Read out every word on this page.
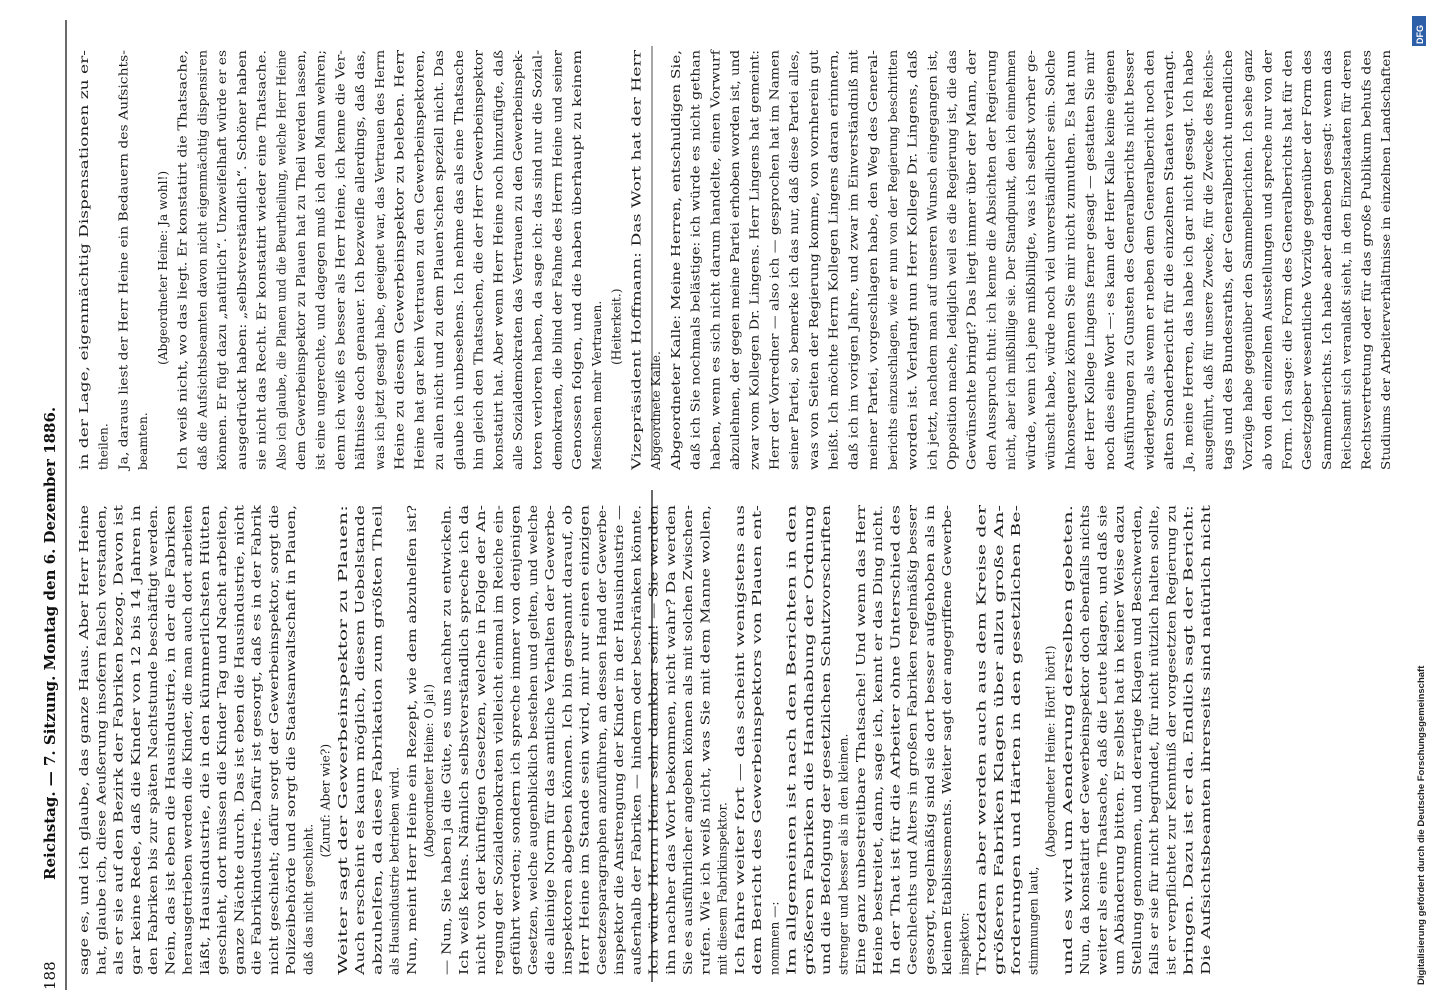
188
Reichstag. — 7. Sitzung. Montag den 6. Dezember 1886. sage es, und ich glaube, das ganze Haus. Aber Herr Heine hat, glaube ich, diese Aeußerung insofern falsch verstanden, als er sie auf den Bezirk der Fabriken bezog. Davon ist gar keine Rede, daß die Kinder von 12 bis 14 Jahren in den Fabriken bis zur späten Nachtstunde beschäftigt werden. Nein, das ist eben die Hausindustrie, in der die Fabriken herausgetrieben werden die Kinder, die man auch dort arbeiten läßt, Hausindustrie, die in den kümmerlichsten Hütten geschieht, dort müssen die Kinder Tag und Nacht arbeiten, ganze Nächte durch. Das ist eben die Hausindustrie, nicht die Fabrikindustrie. Dafür ist gesorgt, daß es in der Fabrik nicht geschieht; dafür sorgt der Gewerbeinspektor, sorgt die Polizeibehörde und sorgt die Staatsanwaltschaft in Plauen, daß das nicht geschieht.
(Zuruf: Aber wie?) Weiter sagt der Gewerbeinspektor zu Plauen: Auch erscheint es kaum möglich, diesem Uebelstande abzuhelfen, da diese Fabrikation zum größten Theil als Hausindustrie betrieben wird. Nun, meint Herr Heine ein Rezept, wie dem abzuhelfen ist? (Abgeordneter Heine: O ja!) — Nun, Sie haben ja die Güte, es uns nachher zu entwickeln. Ich weiß keins. Nämlich selbstverständlich spreche ich da nicht von der künftigen Gesetzen, welche in Folge der An- regung der Sozialdemokraten vielleicht einmal im Reiche ein- geführt werden; sondern ich spreche immer von denjenigen Gesetzen, welche augenblicklich bestehen und gelten, und welche die alleinige Norm für das amtliche Verhalten der Gewerbe- inspektoren abgeben können. Ich bin gespannt darauf, ob Herr Heine im Stande sein wird, mir nur einen einzigen Gesetzesparagraphen anzuführen, an dessen Hand der Gewerbe- inspektor die Anstrengung der Kinder in der Hausindustrie — außerhalb der Fabriken — hindern oder beschränken könnte. Ich würde Herrn Heine sehr dankbar sein! — Sie werden ihn nachher das Wort bekommen, nicht wahr? Da werden Sie es ausführlicher angeben können als mit solchen Zwischen- rufen. Wie ich weiß nicht, was Sie mit dem Manne wollen, mit diesem Fabrikinspektor. Ich fahre weiter fort — das scheint wenigstens aus dem Bericht des Gewerbeinspektors von Plauen ent- nommen —: Im allgemeinen ist nach den Berichten in den größeren Fabriken die Handhabung der Ordnung und die Befolgung der gesetzlichen Schutzvorschriften strenger und besser als in den kleinen. Eine ganz unbestreitbare Thatsache! Und wenn das Herr Heine bestreitet, dann, sage ich, kennt er das Ding nicht. In der That ist für die Arbeiter ohne Unterschied des Geschlechts und Alters in großen Fabriken regelmäßig besser gesorgt, regelmäßig sind sie dort besser aufgehoben als in kleinen Etablissements. Weiter sagt der angegriffene Gewerbe- inspektor: Trotzdem aber werden auch aus dem Kreise der größeren Fabriken Klagen über allzu große An- forderungen und Härten in den gesetzlichen Be- stimmungen laut,
(Abgeordneter Heine: Hört! hört!) und es wird um Aenderung derselben gebeten. Nun, da konstatirt der Gewerbeinspektor doch ebenfalls nichts weiter als eine Thatsache, daß die Leute klagen, und daß sie um Abänderung bitten. Er selbst hat in keiner Weise dazu Stellung genommen, und derartige Klagen und Beschwerden, falls er sie für nicht begründet, für nicht nützlich halten sollte, ist er verpflichtet zur Kenntniß der vorgesetzten Regierung zu bringen. Dazu ist er da. Endlich sagt der Bericht: Die Aufsichtsbeamten ihrerseits sind natürlich nicht
in der Lage, eigenmächtig Dispensationen zu er- theilen. Ja, daraus liest der Herr Heine ein Bedauern des Aufsichts- beamten.
(Abgeordneter Heine: Ja wohl!) Ich weiß nicht, wo das liegt. Er konstatirt die Thatsache, daß die Aufsichtsbeamten davon nicht eigenmächtig dispensiren können. Er fügt dazu „natürlich“. Unzweifelhaft würde er es ausgedrückt haben: „selbstverständlich“. Schöner haben sie nicht das Recht. Er konstatirt wieder eine Thatsache. Also ich glaube, die Planen und die Beurtheilung, welche Herr Heine dem Gewerbeinspektor zu Plauen hat zu Theil werden lassen, ist eine ungerechte, und dagegen muß ich den Mann wehren; denn ich weiß es besser als Herr Heine, ich kenne die Ver- hältnisse doch genauer. Ich bezweifle allerdings, daß das, was ich jetzt gesagt habe, geeignet war, das Vertrauen des Herrn Heine zu diesem Gewerbeinspektor zu beleben. Herr Heine hat gar kein Vertrauen zu den Gewerbeinspektoren, zu allen nicht und zu dem Plauen'schen speziell nicht. Das glaube ich unbesehens. Ich nehme das als eine Thatsache hin gleich den Thatsachen, die der Herr Gewerbeinspektor konstatirt hat. Aber wenn Herr Heine noch hinzufügte, daß alle Sozialdemokraten das Vertrauen zu den Gewerbeinspek- toren verloren haben, da sage ich: das sind nur die Sozial- demokraten, die blind der Fahne des Herrn Heine und seiner Genossen folgen, und die haben überhaupt zu keinem Menschen mehr Vertrauen. (Heiterkeit.) Vizepräsident Hoffmann: Das Wort hat der Herr Abgeordnete Kalle. Abgeordneter Kalle: Meine Herren, entschuldigen Sie, daß ich Sie nochmals belästige: ich würde es nicht gethan haben, wenn es sich nicht darum handelte, einen Vorwurf abzulehnen, der gegen meine Partei erhoben worden ist, und zwar vom Kollegen Dr. Lingens. Herr Lingens hat gemeint: Herr der Vorredner — also ich — gesprochen hat im Namen seiner Partei, so bemerke ich das nur, daß diese Partei alles, was von Seiten der Regierung komme, von vornherein gut heißt. Ich möchte Herrn Kollegen Lingens daran erinnern, daß ich im vorigen Jahre, und zwar im Einverständniß mit meiner Partei, vorgeschlagen habe, den Weg des General- berichts einzuschlagen, wie er nun von der Regierung beschritten worden ist. Verlangt nun Herr Kollege Dr. Lingens, daß ich jetzt, nachdem man auf unseren Wunsch eingegangen ist, Opposition mache, lediglich weil es die Regierung ist, die das Gewünschte bringt? Das liegt immer über der Mann, der den Ausspruch thut: ich kenne die Absichten der Regierung nicht, aber ich mißbillige sie. Der Standpunkt, den ich einnehmen würde, wenn ich jene mißbilligte, was ich selbst vorher ge- wünscht habe, würde noch viel unverständlicher sein. Solche Inkonsequenz können Sie mir nicht zumuthen. Es hat nun der Herr Kollege Lingens ferner gesagt — gestatten Sie mir noch dies eine Wort —: es kann der Herr Kalle keine eigenen Ausführungen zu Gunsten des Generalberichts nicht besser widerlegen, als wenn er neben dem Generalbericht noch den alten Sonderbericht für die einzelnen Staaten verlangt. Ja, meine Herren, das habe ich gar nicht gesagt. Ich habe ausgeführt, daß für unsere Zwecke, für die Zwecke des Reichs- tags und des Bundesraths, der Generalbericht unendliche Vorzüge habe gegenüber den Sammelberichten. Ich sehe ganz ab von den einzelnen Ausstellungen und spreche nur von der Form. Ich sage: die Form des Generalberichts hat für den Gesetzgeber wesentliche Vorzüge gegenüber der Form des Sammelberichts. Ich habe aber daneben gesagt: wenn das Reichsamt sich veranlaßt sieht, in den Einzelstaaten für deren Rechtsvertretung oder für das große Publikum behufs des Studiums der Arbeiterverhältnisse in einzelnen Landschaften
Digitalisierung gefördert durch die Deutsche Forschungsgemeinschaft
DFG
